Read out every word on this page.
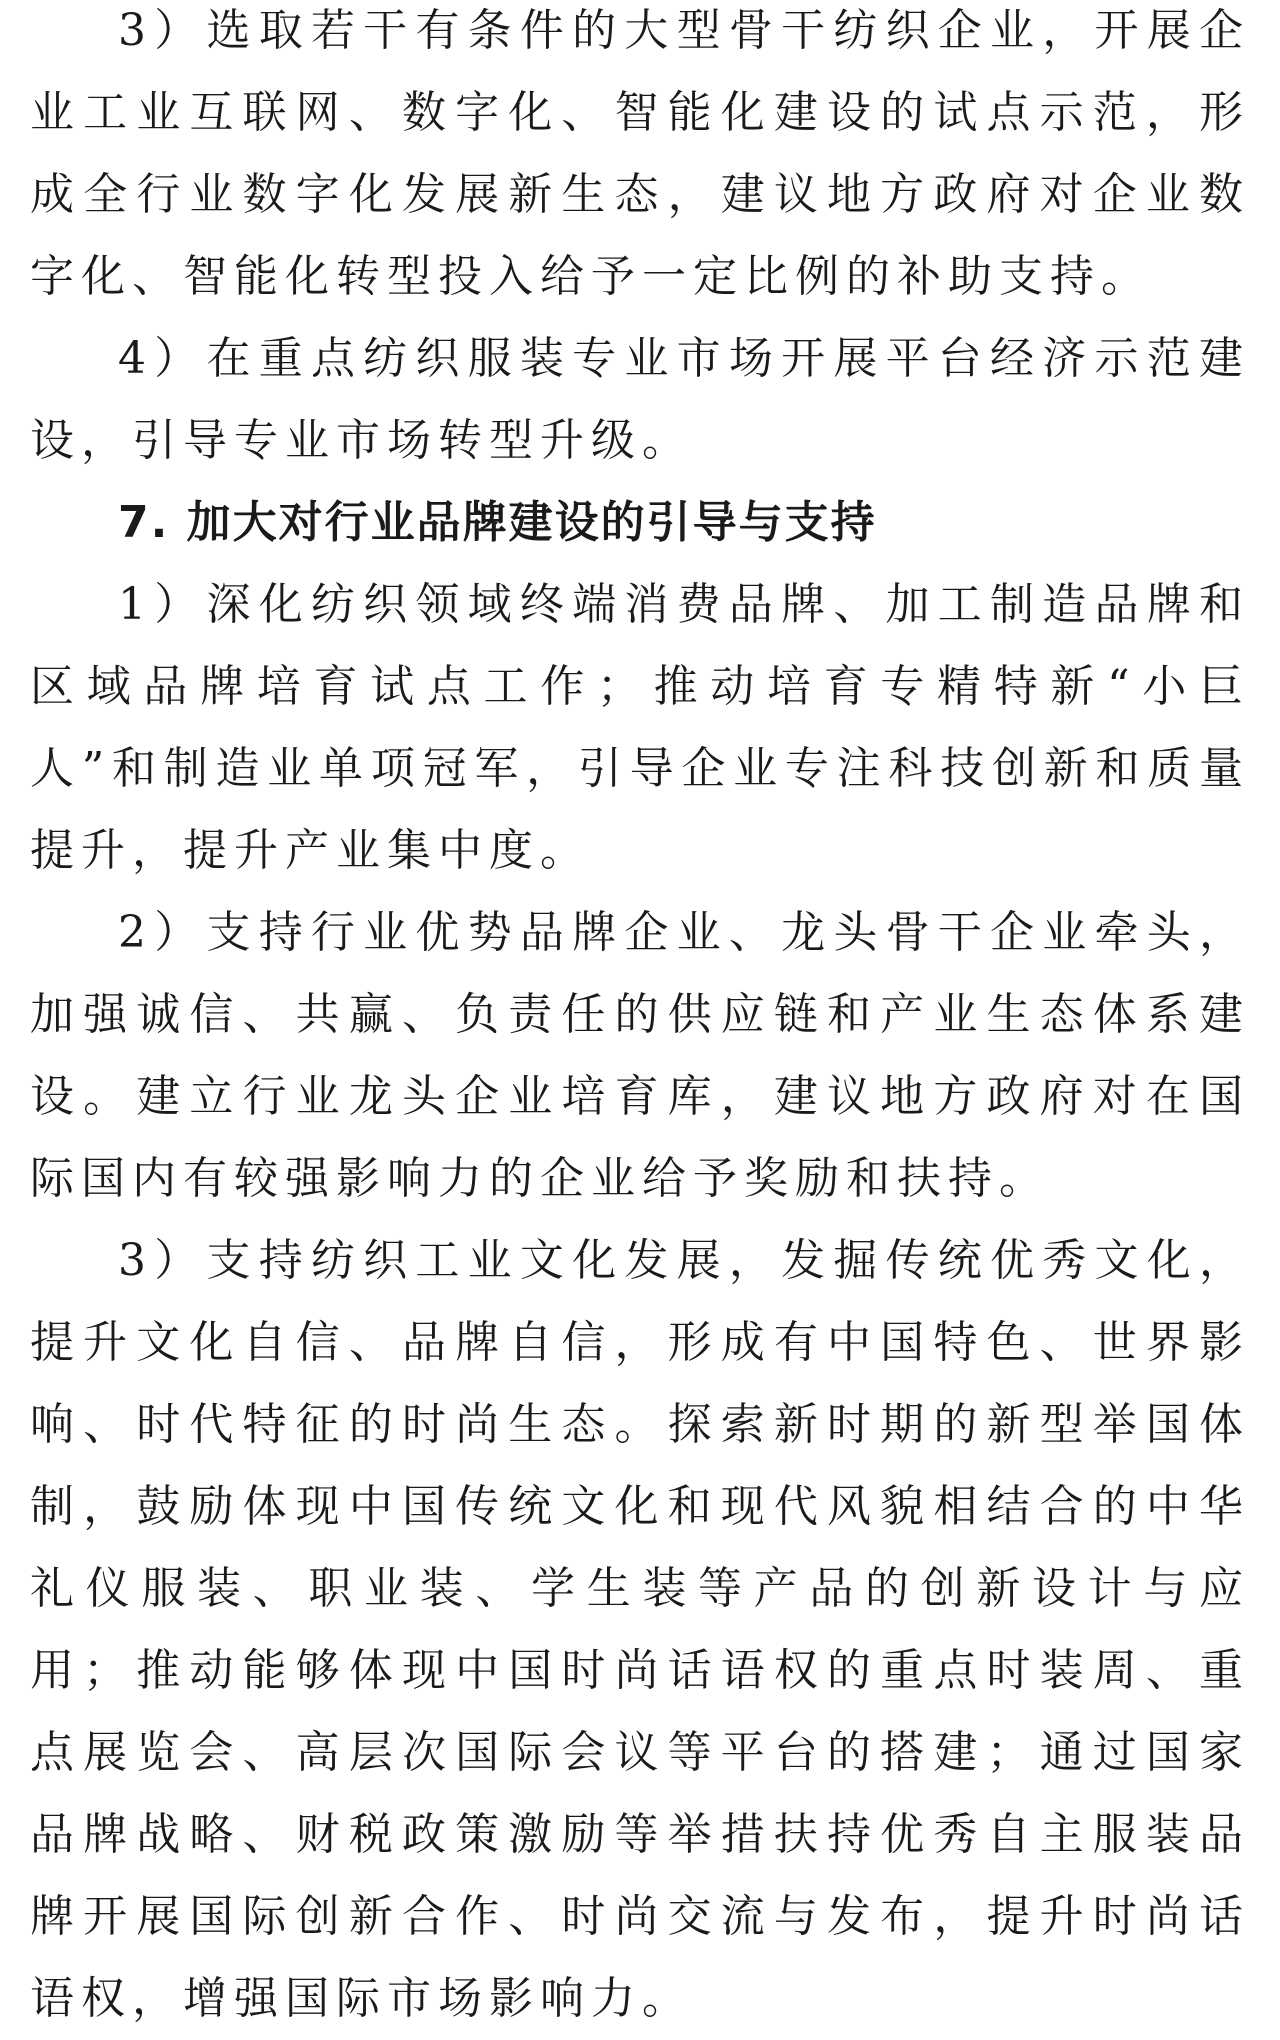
3）选取若干有条件的大型骨干纺织企业，开展企业工业互联网、数字化、智能化建设的试点示范，形成全行业数字化发展新生态，建议地方政府对企业数字化、智能化转型投入给予一定比例的补助支持。

4）在重点纺织服装专业市场开展平台经济示范建设，引导专业市场转型升级。

7. 加大对行业品牌建设的引导与支持

1）深化纺织领域终端消费品牌、加工制造品牌和区域品牌培育试点工作；推动培育专精特新“小巨人”和制造业单项冠军，引导企业专注科技创新和质量提升，提升产业集中度。

2）支持行业优势品牌企业、龙头骨干企业牵头，加强诚信、共赢、负责任的供应链和产业生态体系建设。建立行业龙头企业培育库，建议地方政府对在国际国内有较强影响力的企业给予奖励和扶持。

3）支持纺织工业文化发展，发掘传统优秀文化，提升文化自信、品牌自信，形成有中国特色、世界影响、时代特征的时尚生态。探索新时期的新型举国体制，鼓励体现中国传统文化和现代风貌相结合的中华礼仪服装、职业装、学生装等产品的创新设计与应用；推动能够体现中国时尚话语权的重点时装周、重点展览会、高层次国际会议等平台的搭建；通过国家品牌战略、财税政策激励等举措扶持优秀自主服装品牌开展国际创新合作、时尚交流与发布，提升时尚话语权，增强国际市场影响力。
